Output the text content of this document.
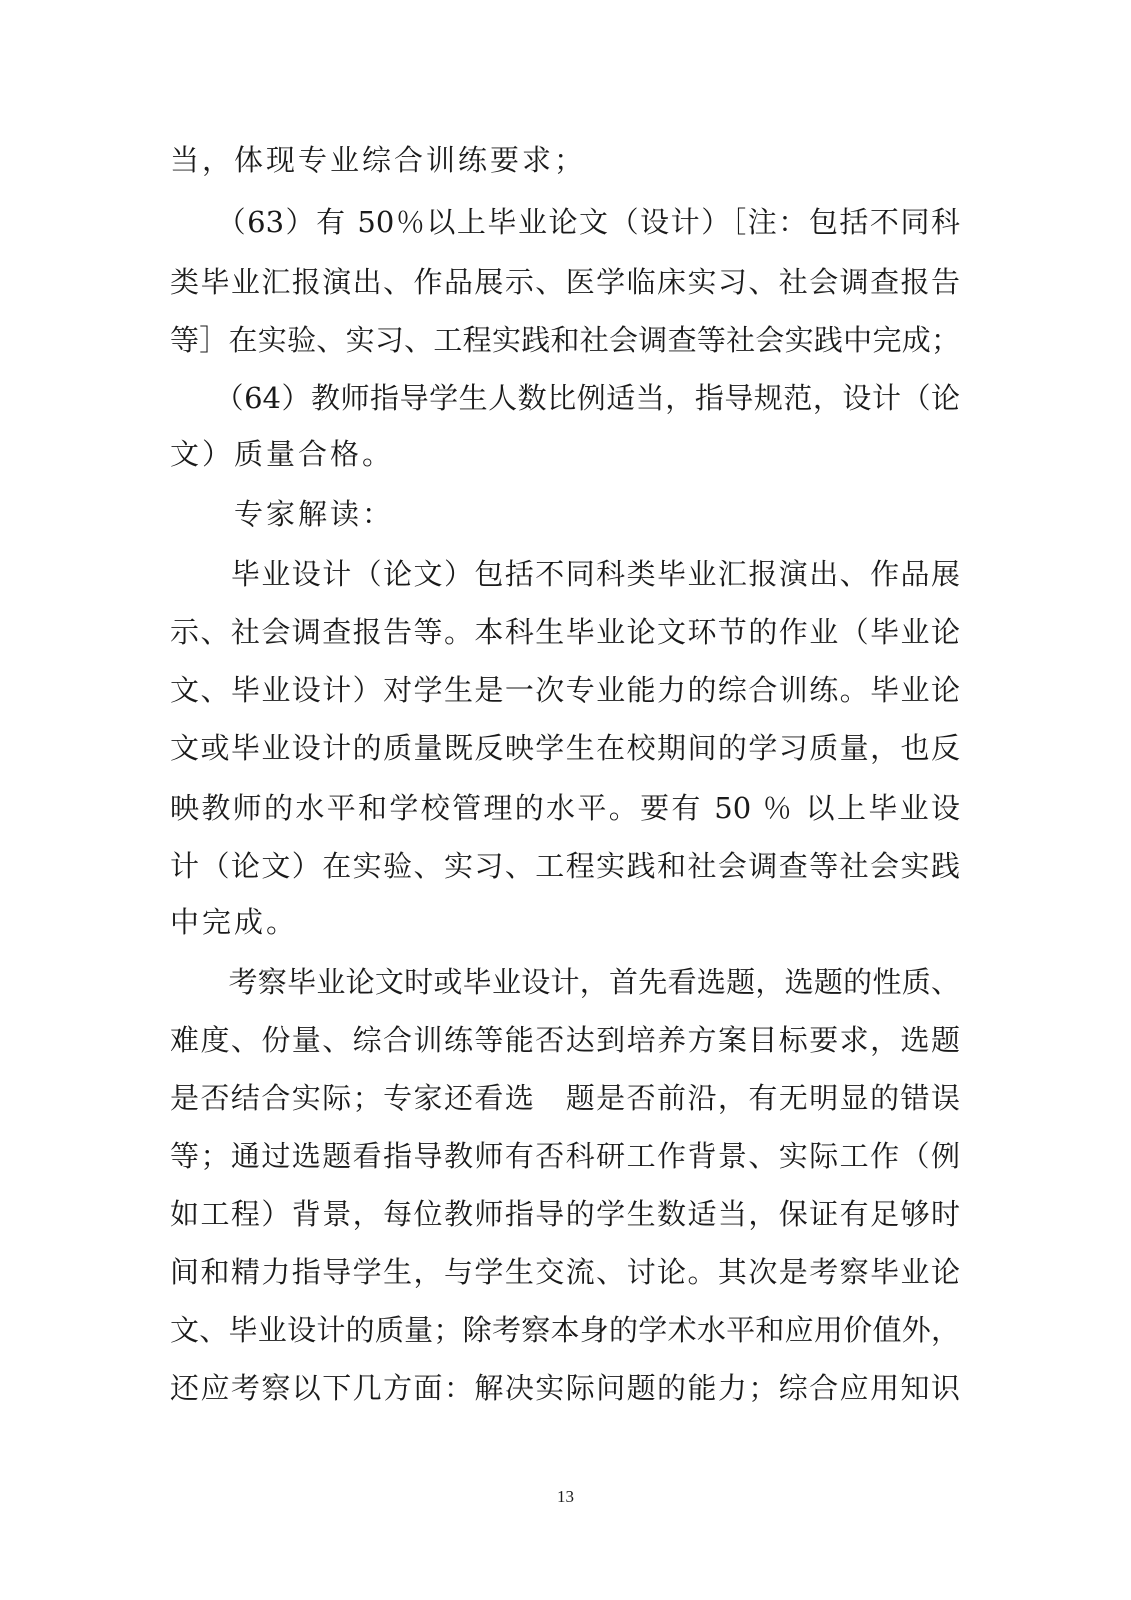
当，体现专业综合训练要求；
　　（63）有 50％以上毕业论文（设计）［注：包括不同科
类毕业汇报演出、作品展示、医学临床实习、社会调查报告
等］在实验、实习、工程实践和社会调查等社会实践中完成；
　　（64）教师指导学生人数比例适当，指导规范，设计（论
文）质量合格。
　　专家解读：
　　毕业设计（论文）包括不同科类毕业汇报演出、作品展
示、社会调查报告等。本科生毕业论文环节的作业（毕业论
文、毕业设计）对学生是一次专业能力的综合训练。毕业论
文或毕业设计的质量既反映学生在校期间的学习质量，也反
映教师的水平和学校管理的水平。要有 50 ％ 以上毕业设
计（论文）在实验、实习、工程实践和社会调查等社会实践
中完成。
　　考察毕业论文时或毕业设计，首先看选题，选题的性质、
难度、份量、综合训练等能否达到培养方案目标要求，选题
是否结合实际；专家还看选　题是否前沿，有无明显的错误
等；通过选题看指导教师有否科研工作背景、实际工作（例
如工程）背景，每位教师指导的学生数适当，保证有足够时
间和精力指导学生，与学生交流、讨论。其次是考察毕业论
文、毕业设计的质量；除考察本身的学术水平和应用价值外，
还应考察以下几方面：解决实际问题的能力；综合应用知识
13
